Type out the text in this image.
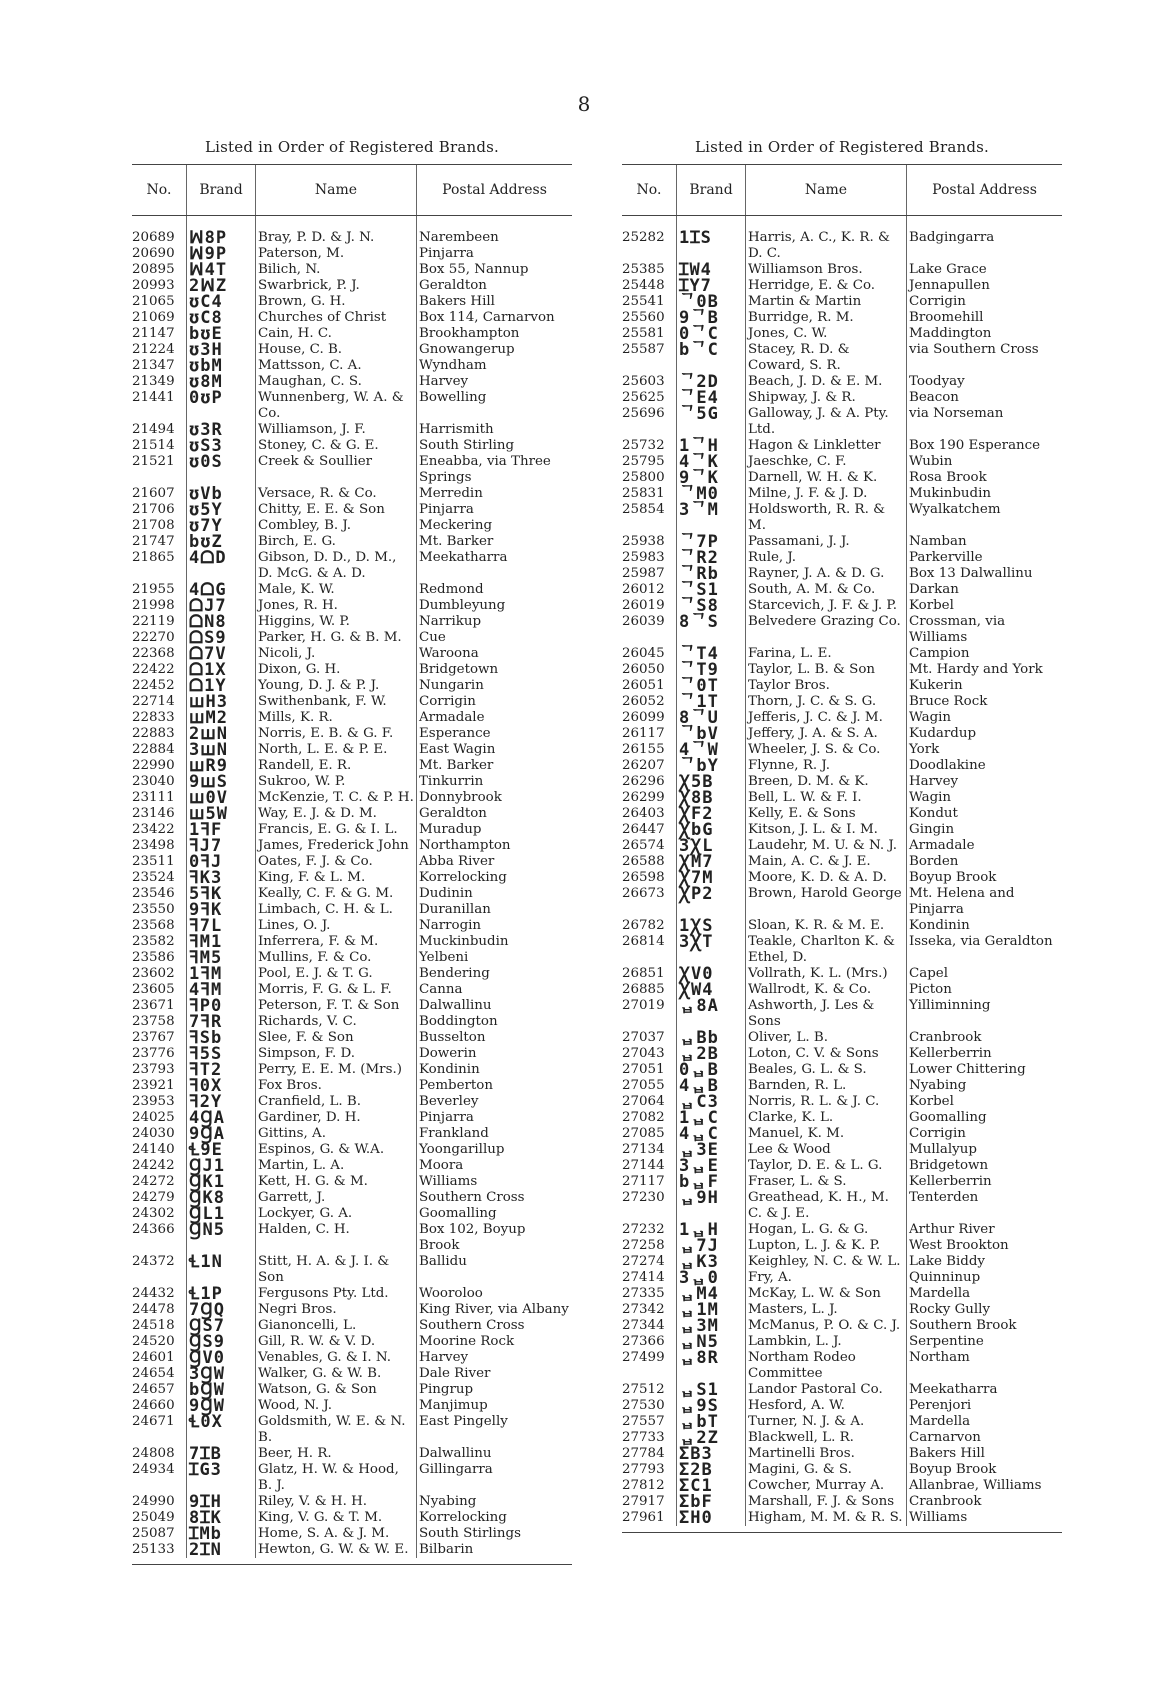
8
Listed in Order of Registered Brands.
No.	Brand	Name	Postal Address
20689	ꟽ8P	Bray, P. D. & J. N.	Narembeen
20690	ꟽ9P	Paterson, M.	Pinjarra
20895	ꟽ4T	Bilich, N.	Box 55, Nannup
20993	2ꟽZ	Swarbrick, P. J.	Geraldton
21065	ʊC4	Brown, G. H.	Bakers Hill
21069	ʊC8	Churches of Christ	Box 114, Carnarvon
21147	bʊE	Cain, H. C.	Brookhampton
21224	ʊ3H	House, C. B.	Gnowangerup
21347	ʊbM	Mattsson, C. A.	Wyndham
21349	ʊ8M	Maughan, C. S.	Harvey
21441	0ʊP	Wunnenberg, W. A. & Co.	Bowelling
21494	ʊ3R	Williamson, J. F.	Harrismith
21514	ʊS3	Stoney, C. & G. E.	South Stirling
21521	ʊ0S	Creek & Soullier	Eneabba, via Three Springs
21607	ʊVb	Versace, R. & Co.	Merredin
21706	ʊ5Y	Chitty, E. E. & Son	Pinjarra
21708	ʊ7Y	Combley, B. J.	Meckering
21747	bʊZ	Birch, E. G.	Mt. Barker
21865	4ᗝD	Gibson, D. D., D. M., D. McG. & A. D.	Meekatharra
21955	4ᗝG	Male, K. W.	Redmond
21998	ᗝJ7	Jones, R. H.	Dumbleyung
22119	ᗝN8	Higgins, W. P.	Narrikup
22270	ᗝS9	Parker, H. G. & B. M.	Cue
22368	ᗝ7V	Nicoli, J.	Waroona
22422	ᗝ1X	Dixon, G. H.	Bridgetown
22452	ᗝ1Y	Young, D. J. & P. J.	Nungarin
22714	ꟺH3	Swithenbank, F. W.	Corrigin
22833	ꟺM2	Mills, K. R.	Armadale
22883	2ꟺN	Norris, E. B. & G. F.	Esperance
22884	3ꟺN	North, L. E. & P. E.	East Wagin
22990	ꟺR9	Randell, E. R.	Mt. Barker
23040	9ꟺS	Sukroo, W. P.	Tinkurrin
23111	ꟺ0V	McKenzie, T. C. & P. H.	Donnybrook
23146	ꟺ5W	Way, E. J. & D. M.	Geraldton
23422	1ꟻF	Francis, E. G. & I. L.	Muradup
23498	ꟻJ7	James, Frederick John	Northampton
23511	0ꟻJ	Oates, F. J. & Co.	Abba River
23524	ꟻK3	King, F. & L. M.	Korrelocking
23546	5ꟻK	Keally, C. F. & G. M.	Dudinin
23550	9ꟻK	Limbach, C. H. & L.	Duranillan
23568	ꟻ7L	Lines, O. J.	Narrogin
23582	ꟻM1	Inferrera, F. & M.	Muckinbudin
23586	ꟻM5	Mullins, F. & Co.	Yelbeni
23602	1ꟻM	Pool, E. J. & T. G.	Bendering
23605	4ꟻM	Morris, F. G. & L. F.	Canna
23671	ꟻP0	Peterson, F. T. & Son	Dalwallinu
23758	7ꟻR	Richards, V. C.	Boddington
23767	ꟻSb	Slee, F. & Son	Busselton
23776	ꟻ5S	Simpson, F. D.	Dowerin
23793	ꟻT2	Perry, E. E. M. (Mrs.)	Kondinin
23921	ꟻ0X	Fox Bros.	Pemberton
23953	ꟻ2Y	Cranfield, L. B.	Beverley
24025	4ꞬA	Gardiner, D. H.	Pinjarra
24030	9ꞬA	Gittins, A.	Frankland
24140	Ɬ9E	Espinos, G. & W.A.	Yoongarillup
24242	ꞬJ1	Martin, L. A.	Moora
24272	ꞬK1	Kett, H. G. & M.	Williams
24279	ꞬK8	Garrett, J.	Southern Cross
24302	ꞬL1	Lockyer, G. A.	Goomalling
24366	ꞬN5	Halden, C. H.	Box 102, Boyup Brook
24372	Ɬ1N	Stitt, H. A. & J. I. & Son	Ballidu
24432	Ɬ1P	Fergusons Pty. Ltd.	Wooroloo
24478	7ꞬQ	Negri Bros.	King River, via Albany
24518	ꞬS7	Gianoncelli, L.	Southern Cross
24520	ꞬS9	Gill, R. W. & V. D.	Moorine Rock
24601	ꞬV0	Venables, G. & I. N.	Harvey
24654	3ꞬW	Walker, G. & W. B.	Dale River
24657	bꞬW	Watson, G. & Son	Pingrup
24660	9ꞬW	Wood, N. J.	Manjimup
24671	Ɬ0X	Goldsmith, W. E. & N. B.	East Pingelly
24808	7ꞮB	Beer, H. R.	Dalwallinu
24934	ꞮG3	Glatz, H. W. & Hood, B. J.	Gillingarra
24990	9ꞮH	Riley, V. & H. H.	Nyabing
25049	8ꞮK	King, V. G. & T. M.	Korrelocking
25087	ꞮMb	Home, S. A. & J. M.	South Stirlings
25133	2ꞮN	Hewton, G. W. & W. E.	Bilbarin
Listed in Order of Registered Brands.
No.	Brand	Name	Postal Address
25282	1ꞮS	Harris, A. C., K. R. & D. C.	Badgingarra
25385	ꞮW4	Williamson Bros.	Lake Grace
25448	ꞮY7	Herridge, E. & Co.	Jennapullen
25541	ᄀ0B	Martin & Martin	Corrigin
25560	9ᄀB	Burridge, R. M.	Broomehill
25581	0ᄀC	Jones, C. W.	Maddington
25587	bᄀC	Stacey, R. D. & Coward, S. R.	via Southern Cross
25603	ᄀ2D	Beach, J. D. & E. M.	Toodyay
25625	ᄀE4	Shipway, J. & R.	Beacon
25696	ᄀ5G	Galloway, J. & A. Pty. Ltd.	via Norseman
25732	1ᄀH	Hagon & Linkletter	Box 190 Esperance
25795	4ᄀK	Jaeschke, C. F.	Wubin
25800	9ᄀK	Darnell, W. H. & K.	Rosa Brook
25831	ᄀM0	Milne, J. F. & J. D.	Mukinbudin
25854	3ᄀM	Holdsworth, R. R. & M.	Wyalkatchem
25938	ᄀ7P	Passamani, J. J.	Namban
25983	ᄀR2	Rule, J.	Parkerville
25987	ᄀRb	Rayner, J. A. & D. G.	Box 13 Dalwallinu
26012	ᄀS1	South, A. M. & Co.	Darkan
26019	ᄀS8	Starcevich, J. F. & J. P.	Korbel
26039	8ᄀS	Belvedere Grazing Co.	Crossman, via Williams
26045	ᄀT4	Farina, L. E.	Campion
26050	ᄀT9	Taylor, L. B. & Son	Mt. Hardy and York
26051	ᄀ0T	Taylor Bros.	Kukerin
26052	ᄀ1T	Thorn, J. C. & S. G.	Bruce Rock
26099	8ᄀU	Jefferis, J. C. & J. M.	Wagin
26117	ᄀbV	Jeffery, J. A. & S. A.	Kudardup
26155	4ᄀW	Wheeler, J. S. & Co.	York
26207	ᄀbY	Flynne, R. J.	Doodlakine
26296	Ꭓ5B	Breen, D. M. & K.	Harvey
26299	Ꭓ8B	Bell, L. W. & F. I.	Wagin
26403	ꞳF2	Kelly, E. & Sons	Kondut
26447	ꞳbG	Kitson, J. L. & I. M.	Gingin
26574	3ꞳL	Laudehr, M. U. & N. J.	Armadale
26588	ꞳM7	Main, A. C. & J. E.	Borden
26598	Ꭓ7M	Moore, K. D. & A. D.	Boyup Brook
26673	ꞳP2	Brown, Harold George	Mt. Helena and Pinjarra
26782	1ꞳS	Sloan, K. R. & M. E.	Kondinin
26814	3ꞳT	Teakle, Charlton K. & Ethel, D.	Isseka, via Geraldton
26851	ꞳV0	Vollrath, K. L. (Mrs.)	Capel
26885	ꞳW4	Wallrodt, K. & Co.	Picton
27019	ᆸ8A	Ashworth, J. Les & Sons	Yilliminning
27037	ᆸBb	Oliver, L. B.	Cranbrook
27043	ᆸ2B	Loton, C. V. & Sons	Kellerberrin
27051	0ᆸB	Beales, G. L. & S.	Lower Chittering
27055	4ᆸB	Barnden, R. L.	Nyabing
27064	ᆸC3	Norris, R. L. & J. C.	Korbel
27082	1ᆸC	Clarke, K. L.	Goomalling
27085	4ᆸC	Manuel, K. M.	Corrigin
27134	ᆸ3E	Lee & Wood	Mullalyup
27144	3ᆸE	Taylor, D. E. & L. G.	Bridgetown
27117	bᆸF	Fraser, L. & S.	Kellerberrin
27230	ᆸ9H	Greathead, K. H., M. C. & J. E.	Tenterden
27232	1ᆸH	Hogan, L. G. & G.	Arthur River
27258	ᆸ7J	Lupton, L. J. & K. P.	West Brookton
27274	ᆸK3	Keighley, N. C. & W. L.	Lake Biddy
27414	3ᆸ0	Fry, A.	Quinninup
27335	ᆸM4	McKay, L. W. & Son	Mardella
27342	ᆸ1M	Masters, L. J.	Rocky Gully
27344	ᆸ3M	McManus, P. O. & C. J.	Southern Brook
27366	ᆸN5	Lambkin, L. J.	Serpentine
27499	ᆸ8R	Northam Rodeo Committee	Northam
27512	ᆸS1	Landor Pastoral Co.	Meekatharra
27530	ᆸ9S	Hesford, A. W.	Perenjori
27557	ᆸbT	Turner, N. J. & A.	Mardella
27733	ᆸ2Z	Blackwell, L. R.	Carnarvon
27784	ΣB3	Martinelli Bros.	Bakers Hill
27793	Σ2B	Magini, G. & S.	Boyup Brook
27812	ΣC1	Cowcher, Murray A.	Allanbrae, Williams
27917	ΣbF	Marshall, F. J. & Sons	Cranbrook
27961	ΣH0	Higham, M. M. & R. S.	Williams
